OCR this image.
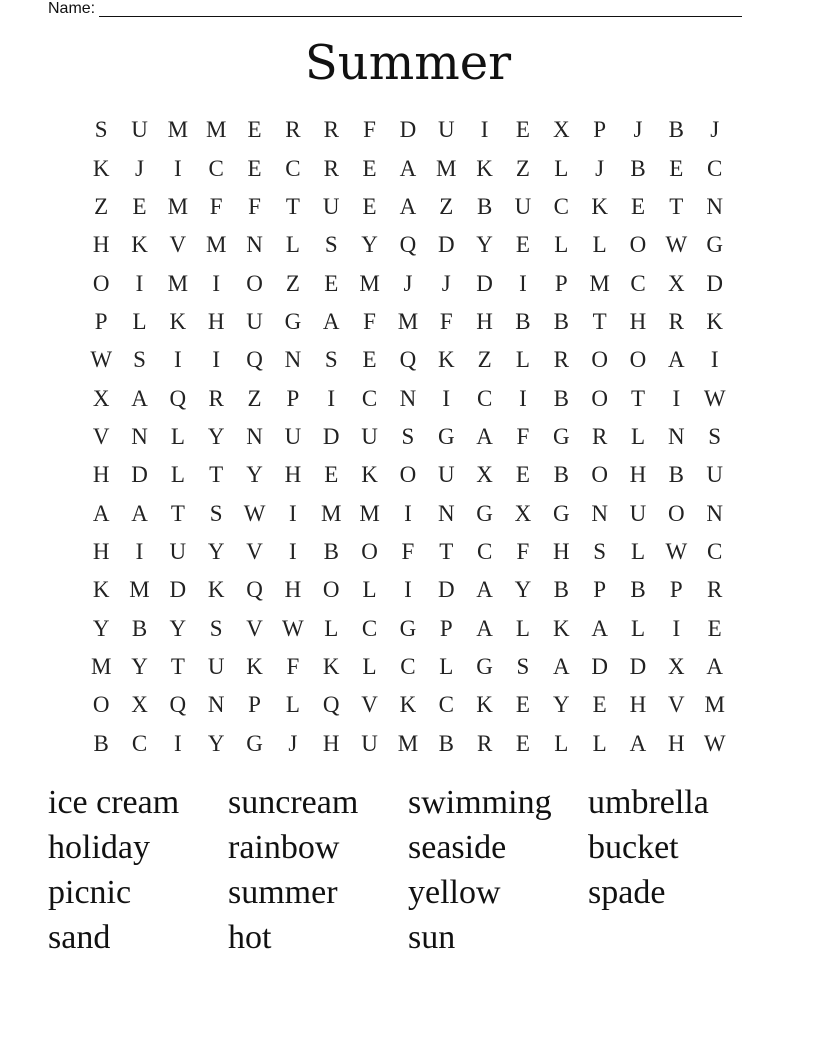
Name:
Summer
S	U M M E	R	R	F	D U	I	E	X	P	J	B	J
K	J	I	C	E	C	R	E	A M K	Z	L	J	B	E	C
Z	E M F	F	T	U	E	A	Z	B U C K	E	T	N
H K V M N	L	S	Y Q D Y	E	L	L	O W G
O	I	M	I	O	Z	E M	J	J	D	I	P M C X D
P	L	K H U G A	F M F	H B	B	T	H R K
W S	I	I	Q N	S	E	Q K	Z	L	R O O A	I
X A Q R	Z	P	I	C N	I	C	I	B O	T	I	W
V N	L	Y N U D U	S	G A	F	G R	L	N	S
H D	L	T	Y H	E	K O U X	E	B O H B U
A A	T	S W	I	M M	I	N G X G N U O N
H	I	U Y V	I	B O	F	T	C	F	H	S	L W C
K M D K Q H O	L	I	D A Y B	P	B	P	R
Y B Y	S	V W L	C G	P	A	L	K A	L	I	E
M Y	T	U K	F	K	L	C	L	G	S	A D D X A
O X Q N	P	L	Q V K C K	E	Y	E	H V M
B	C	I	Y G	J	H U M B	R	E	L	L	A H W
ice cream	suncream	swimming	umbrella
holiday	rainbow	seaside	bucket
picnic	summer	yellow	spade
sand	hot	sun
